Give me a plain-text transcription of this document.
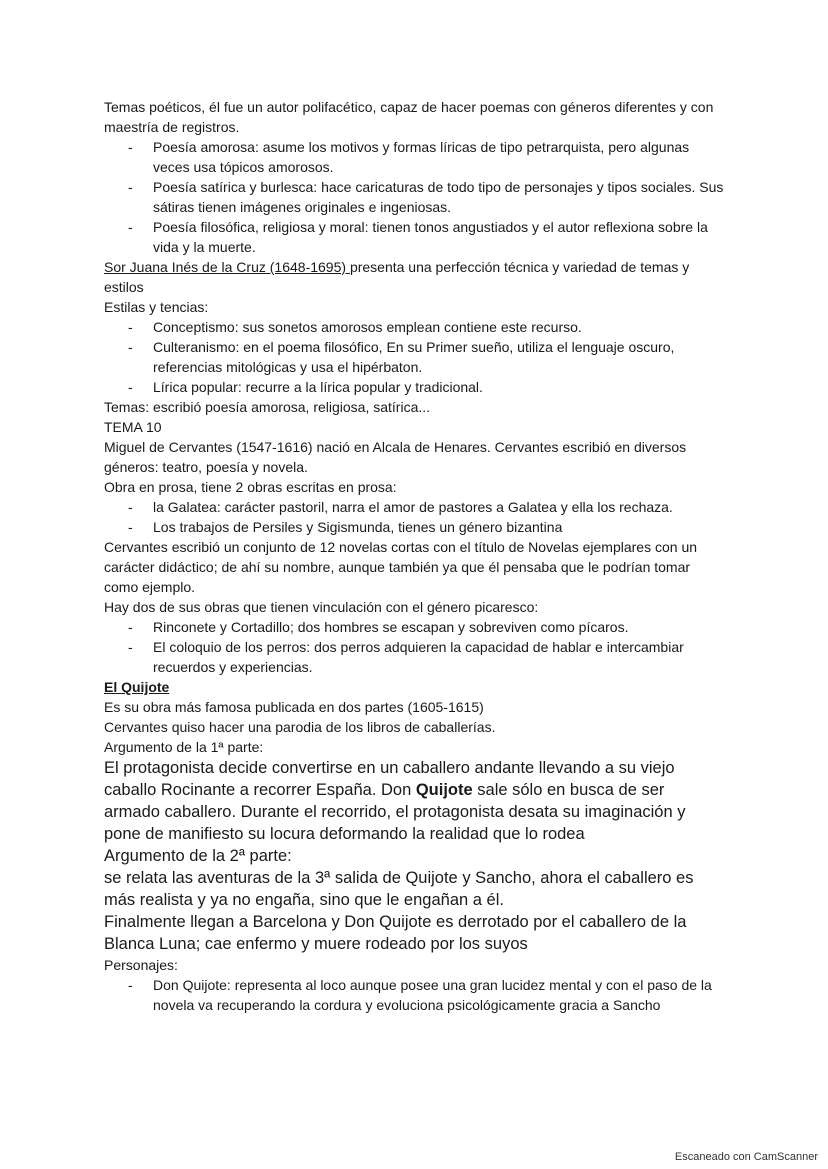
Temas poéticos, él fue un autor polifacético, capaz de hacer poemas con géneros diferentes y con maestría de registros.

- Poesía amorosa: asume los motivos y formas líricas de tipo petrarquista, pero algunas veces usa tópicos amorosos.
- Poesía satírica y burlesca: hace caricaturas de todo tipo de personajes y tipos sociales. Sus sátiras tienen imágenes originales e ingeniosas.
- Poesía filosófica, religiosa y moral: tienen tonos angustiados y el autor reflexiona sobre la vida y la muerte.

Sor Juana Inés de la Cruz (1648-1695) presenta una perfección técnica y variedad de temas y estilos

Estilas y tencias:

- Conceptismo: sus sonetos amorosos emplean contiene este recurso.
- Culteranismo: en el poema filosófico, En su Primer sueño, utiliza el lenguaje oscuro, referencias mitológicas y usa el hipérbaton.
- Lírica popular: recurre a la lírica popular y tradicional.

Temas: escribió poesía amorosa, religiosa, satírica...

TEMA 10

Miguel de Cervantes (1547-1616) nació en Alcala de Henares. Cervantes escribió en diversos géneros: teatro, poesía y novela.

Obra en prosa, tiene 2 obras escritas en prosa:

- la Galatea: carácter pastoril, narra el amor de pastores a Galatea y ella los rechaza.
- Los trabajos de Persiles y Sigismunda, tienes un género bizantina

Cervantes escribió un conjunto de 12 novelas cortas con el título de Novelas ejemplares con un carácter didáctico; de ahí su nombre, aunque también ya que él pensaba que le podrían tomar como ejemplo.

Hay dos de sus obras que tienen vinculación con el género picaresco:

- Rinconete y Cortadillo; dos hombres se escapan y sobreviven como pícaros.
- El coloquio de los perros: dos perros adquieren la capacidad de hablar e intercambiar recuerdos y experiencias.

El Quijote

Es su obra más famosa publicada en dos partes (1605-1615)

Cervantes quiso hacer una parodia de los libros de caballerías.

Argumento de la 1ª parte:

El protagonista decide convertirse en un caballero andante llevando a su viejo caballo Rocinante a recorrer España. Don Quijote sale sólo en busca de ser armado caballero. Durante el recorrido, el protagonista desata su imaginación y pone de manifiesto su locura deformando la realidad que lo rodea

Argumento de la 2ª parte:

se relata las aventuras de la 3ª salida de Quijote y Sancho, ahora el caballero es más realista y ya no engaña, sino que le engañan a él.

Finalmente llegan a Barcelona y Don Quijote es derrotado por el caballero de la Blanca Luna; cae enfermo y muere rodeado por los suyos

Personajes:

- Don Quijote: representa al loco aunque posee una gran lucidez mental y con el paso de la novela va recuperando la cordura y evoluciona psicológicamente gracia a Sancho
Escaneado con CamScanner
